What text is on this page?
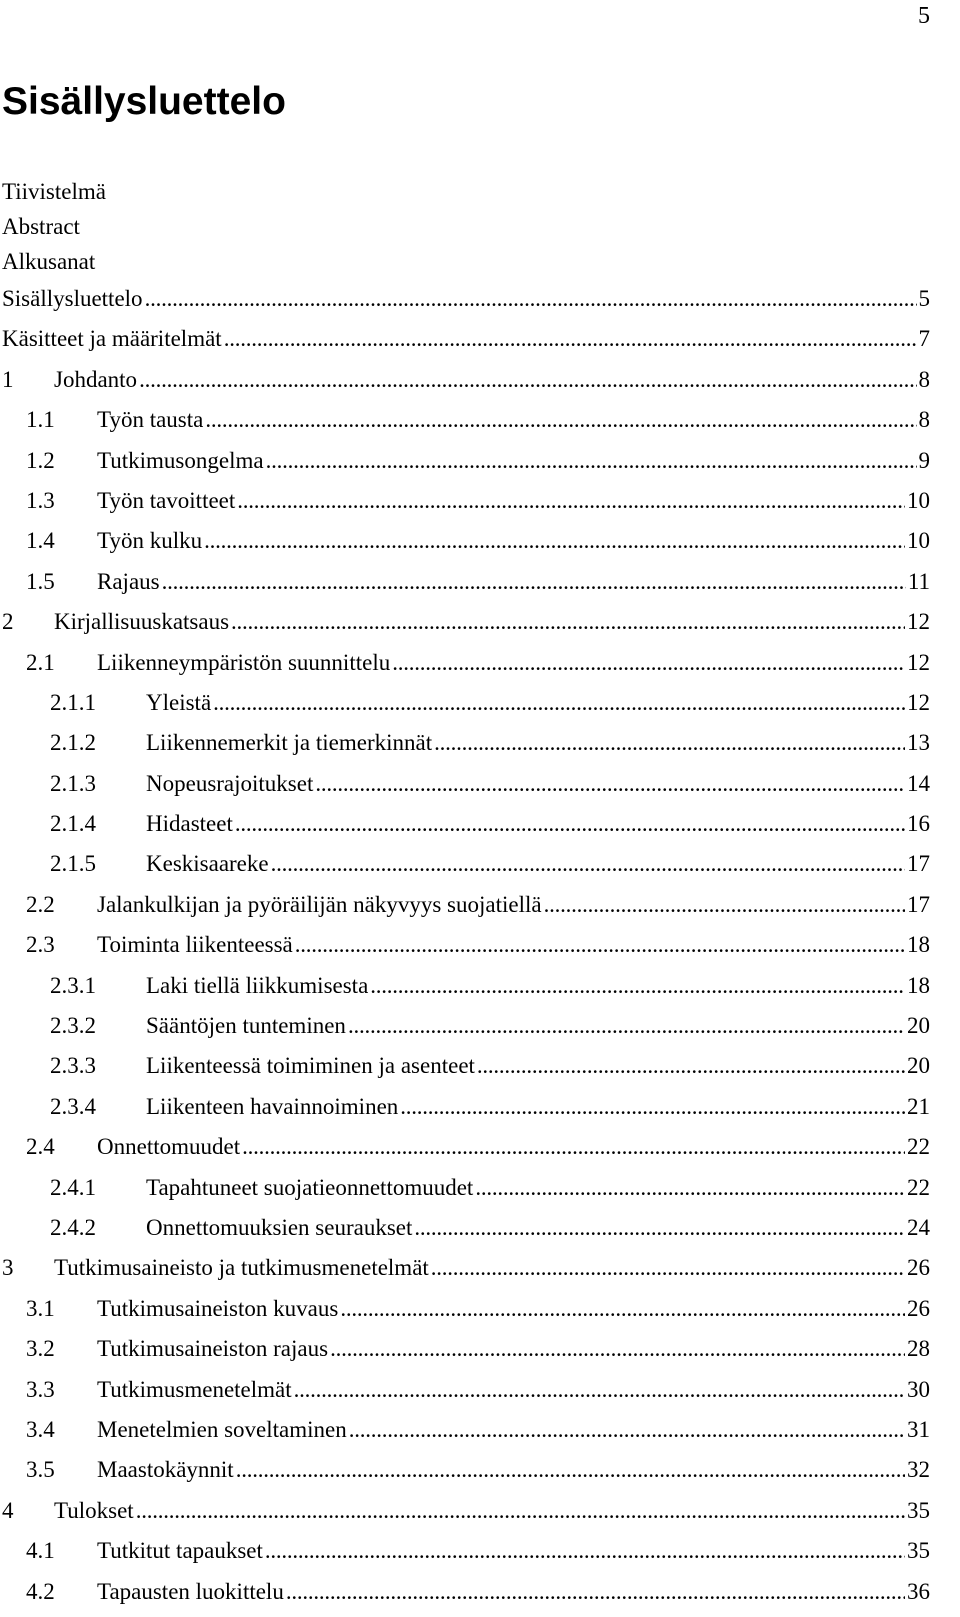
5
Sisällysluettelo
Tiivistelmä
Abstract
Alkusanat
Sisällysluettelo . . .	5
Käsitteet ja määritelmät . . .	7
1	Johdanto . . .	8
1.1	Työn tausta . . .	8
1.2	Tutkimusongelma . . .	9
1.3	Työn tavoitteet . . .	10
1.4	Työn kulku . . .	10
1.5	Rajaus . . .	11
2	Kirjallisuuskatsaus . . .	12
2.1	Liikenneympäristön suunnittelu . . .	12
2.1.1	Yleistä . . .	12
2.1.2	Liikennemerkit ja tiemerkinnät . . .	13
2.1.3	Nopeusrajoitukset . . .	14
2.1.4	Hidasteet . . .	16
2.1.5	Keskisaareke . . .	17
2.2	Jalankulkijan ja pyöräilijän näkyvyys suojatiellä . . .	17
2.3	Toiminta liikenteessä . . .	18
2.3.1	Laki tiellä liikkumisesta . . .	18
2.3.2	Sääntöjen tunteminen . . .	20
2.3.3	Liikenteessä toimiminen ja asenteet . . .	20
2.3.4	Liikenteen havainnoiminen . . .	21
2.4	Onnettomuudet . . .	22
2.4.1	Tapahtuneet suojatieonnettomuudet . . .	22
2.4.2	Onnettomuuksien seuraukset . . .	24
3	Tutkimusaineisto ja tutkimusmenetelmät . . .	26
3.1	Tutkimusaineiston kuvaus . . .	26
3.2	Tutkimusaineiston rajaus . . .	28
3.3	Tutkimusmenetelmät . . .	30
3.4	Menetelmien soveltaminen . . .	31
3.5	Maastokäynnit . . .	32
4	Tulokset . . .	35
4.1	Tutkitut tapaukset . . .	35
4.2	Tapausten luokittelu . . .	36
